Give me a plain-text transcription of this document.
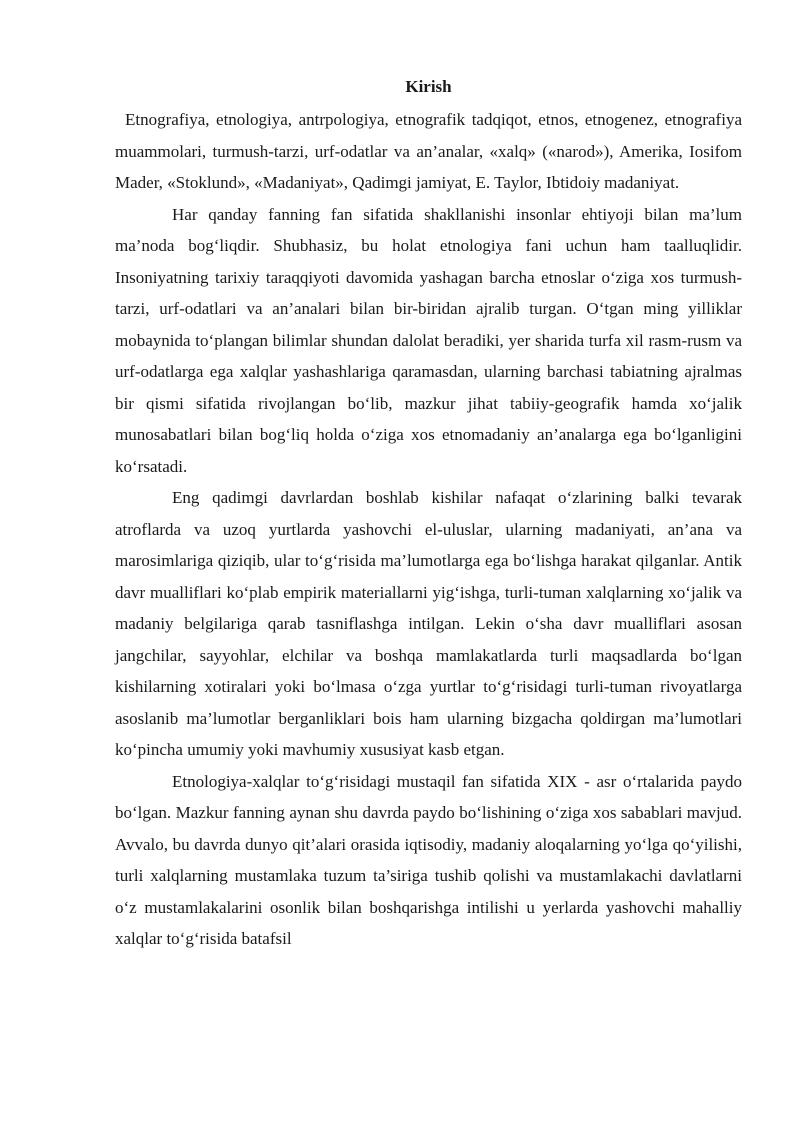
Kirish

Etnografiya, etnologiya, antrpologiya, etnografik tadqiqot, etnos, etnogenez, etnografiya muammolari, turmush-tarzi, urf-odatlar va an’analar, «xalq» («narod»), Amerika, Iosifom Mader, «Stoklund», «Madaniyat», Qadimgi jamiyat, E. Taylor, Ibtidoiy madaniyat.

Har qanday fanning fan sifatida shakllanishi insonlar ehtiyoji bilan ma’lum ma’noda bog‘liqdir. Shubhasiz, bu holat etnologiya fani uchun ham taalluqlidir. Insoniyatning tarixiy taraqqiyoti davomida yashagan barcha etnoslar o‘ziga xos turmush-tarzi, urf-odatlari va an’analari bilan bir-biridan ajralib turgan. O‘tgan ming yilliklar mobaynida to‘plangan bilimlar shundan dalolat beradiki, yer sharida turfa xil rasm-rusm va urf-odatlarga ega xalqlar yashashlariga qaramasdan, ularning barchasi tabiatning ajralmas bir qismi sifatida rivojlangan bo‘lib, mazkur jihat tabiiy-geografik hamda xo‘jalik munosabatlari bilan bog‘liq holda o‘ziga xos etnomadaniy an’analarga ega bo‘lganligini ko‘rsatadi.

Eng qadimgi davrlardan boshlab kishilar nafaqat o‘zlarining balki tevarak atroflarda va uzoq yurtlarda yashovchi el-uluslar, ularning madaniyati, an’ana va marosimlariga qiziqib, ular to‘g‘risida ma’lumotlarga ega bo‘lishga harakat qilganlar. Antik davr mualliflari ko‘plab empirik materiallarni yig‘ishga, turli-tuman xalqlarning xo‘jalik va madaniy belgilariga qarab tasniflashga intilgan. Lekin o‘sha davr mualliflari asosan jangchilar, sayyohlar, elchilar va boshqa mamlakatlarda turli maqsadlarda bo‘lgan kishilarning xotiralari yoki bo‘lmasa o‘zga yurtlar to‘g‘risidagi turli-tuman rivoyatlarga asoslanib ma’lumotlar berganliklari bois ham ularning bizgacha qoldirgan ma’lumotlari ko‘pincha umumiy yoki mavhumiy xususiyat kasb etgan.

Etnologiya-xalqlar to‘g‘risidagi mustaqil fan sifatida XIX - asr o‘rtalarida paydo bo‘lgan. Mazkur fanning aynan shu davrda paydo bo‘lishining o‘ziga xos sabablari mavjud. Avvalo, bu davrda dunyo qit’alari orasida iqtisodiy, madaniy aloqalarning yo‘lga qo‘yilishi, turli xalqlarning mustamlaka tuzum ta’siriga tushib qolishi va mustamlakachi davlatlarni o‘z mustamlakalarini osonlik bilan boshqarishga intilishi u yerlarda yashovchi mahalliy xalqlar to‘g‘risida batafsil
